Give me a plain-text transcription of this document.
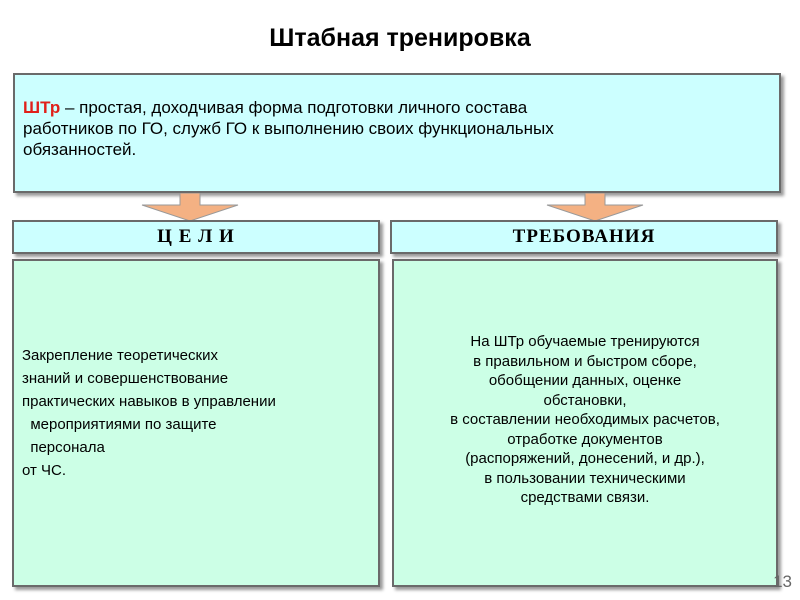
Штабная тренировка
ШТр – простая, доходчивая форма подготовки личного состава
работников по ГО, служб ГО к выполнению своих функциональных
обязанностей.
Ц Е Л И	ТРЕБОВАНИЯ
Закрепление теоретических
знаний и совершенствование
практических навыков в управлении
мероприятиями по защите
персонала
от ЧС.
На ШТр обучаемые тренируются
в правильном и быстром сборе,
обобщении данных, оценке
обстановки,
в составлении необходимых расчетов,
отработке документов
(распоряжений, донесений, и др.),
в пользовании техническими
средствами связи.
13
